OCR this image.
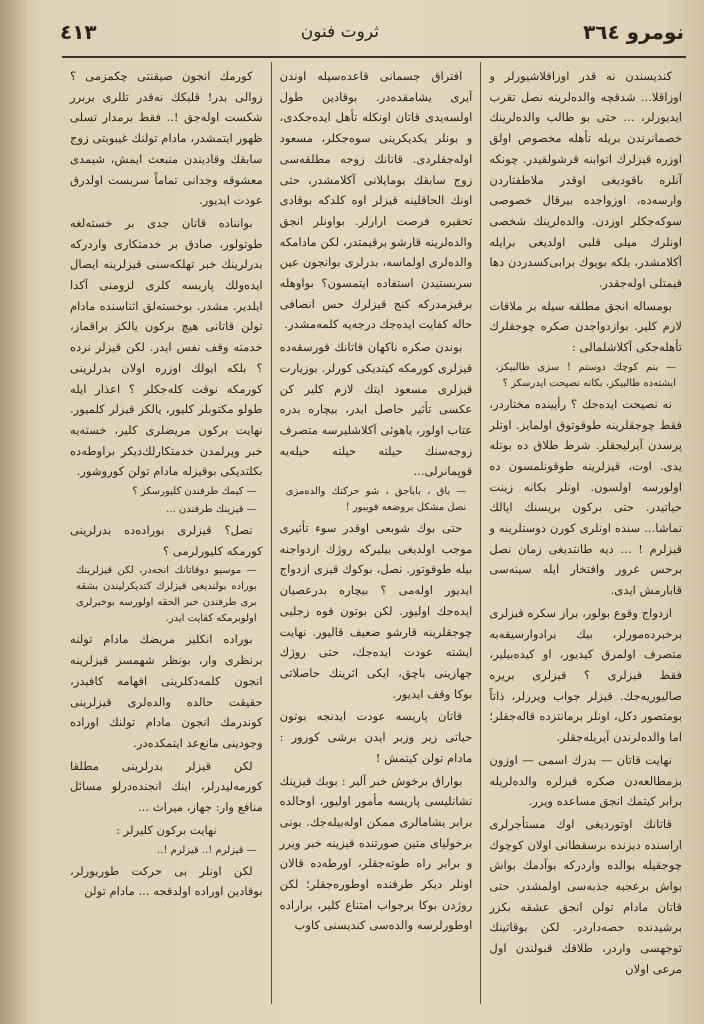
نومرو ٣٦٤
ثروت فنون
٤١٣

كنديسندن نه قدر اوزاقلاشيورلر و اوزاقلا... شدقچه والده‌لرینه نصل تقرب ایدیورلر، ... حتی بو طالب والده‌لرینك خصمانرندن بریله تأهله مخصوص اولق اوزره قیزلرك اتوابنه قرشولقيدر. چونكه آنلره باقودیغی اوقدر ملاطفتاردن وارسه‌ده، اوزواجده بیرقال خصوصی سوکه‌جکلر اوزدن. والده‌لرینك شخصی اونلرك میلی قلبی اولدیغی برایله آكلامشدر، بلكه بويوك برابی‌كسدردن دها قیمتلی اوله‌جقدر.

بومساله انجق مطلقه سیله بر ملاقات لازم كلیر. بوازدواجدن صكره چوجقلرك تأهله‌جکی آكلاشلمالی :

— بنم كوچك دوستم ! سزی طالبیكز، ایشته‌ده طالبیكز، بكانه نصیحت ایدرسکز ؟

نه نصیحت ایده‌جك ؟ رأیینده مختاردر، فقط چوجقلرینه طوقوتوق اولمایز. اوتلر پرسدن آیرلیجقلر. شرط طلاق ده بوتله یدی. اوت، قیزلرینه طوقونلمسون ده اولورسه اولسون. اونلر بكانه زینت حیاتیدر. حتی بركون بریسنك ایالك تماشا... سنده اونلری كورن دوستلرینه و قیزلرم ! ... دیه طانتدیغی زمان نصل برحس غرور وافتخار ایله سینه‌سی قابارمش ایدی.

ازدواج وقوع بولور، براز سكره قیزلری برخبرده‌مورلر، بیك برادوارسیقه‌به متصرف اولمرق كیدیور، او كیده‌بیلیر، فقط قیزلری ؟ قیزلری بریره صالیوریه‌جك. قیزلر جواب ویررلر، ذاتاً بومتصور دكل، اونلر برمانتزده قاله‌جقلر؛ اما والده‌لرندن آیریله‌جقلر.

نهایت قاتان — بدرك اسمی — اوزون بزمطالعه‌دن صكره قیزلره والده‌لریله برابر كیتمك انجق مساعده ویرر.

قاتانك اوتوردیغی اوك مستأجرلری اراسنده دیزنده برسقطانی اولان كوچوك چوجقیله بوالده واردركه بوآدمك بواش بواش برعجبه جذبه‌سی اولمشدر. حتی قاتان مادام تولن انجق عشقه بكزر برشیدنده حصه‌داردر. لكن بوقاتینك توجهسی واردر، طلاقك قبولندن اول مرعی اولان

افتراق جسمانی قاعده‌سیله اوندن آیری یشامقده‌در. بوقادین طول اولسه‌یدی قاتان اونكله تأهل ایده‌جكدی، و بونلر یكدیكرینی سوه‌جكلر، مسعود اوله‌جقلردی. قاتانك زوجه مطلقه‌سی زوج سابقك بومایلانی آكلامشدر، حتی اونك الحاقلینه قیزلر اوه كلدكه بوقادی تحقیره فرصت ارارلر. بواونلر انجق والده‌لرینه قارشو برقیمتدر، لكن مادامكه والده‌لری اولماسه، بدرلری بوانجون عین سربستیدن استفاده ایتمسون؟ بواوهله برقیزمدركه كنج قیزلرك حس انصافی حاله كفایت ایده‌جك درجه‌یه كلمه‌مشدر.

بوندن صكره ناكهان قاتانك قورسقه‌ده قیزلری كورمكه كیتدیكی كورلر. بوزیارت قیزلری مسعود ایتك لازم كلیر كن عكسی تأثیر حاصل ایدر، بیچاره بدره عتاب اولور، یاهوئی آكلاشلیرسه متصرف زوجه‌سنك حیلته حیلته حیله‌یه قوپمانرلی...

— باق ، باباجق ، شو حركتك والده‌مزی نصل مشكل بروضعه قویبور !

حتی بوك شوبعی اوقدر سوء تأثیری موجب اولدیغی بیلیركه روژك ازدواجنه بیله طوقوتور. نصل، بوكوك قیزی ازدواج ایدیور اوله‌می ؟ بیچاره بدرعصیان ایده‌جك اولیور. لكن بوتون قوه زجلیی چوجقلرینه قارشو ضعیف قالیور. نهایت ایشته عودت ایده‌جك، حتی روژك جهازینی باچق، ایكی اثرینك حاصلاتی بوكا وقف ایدیور.

قاتان پاریسه عودت ایدنجه بوتون حیاتی زیر وزبر ایدن برشی كورور : مادام تولن كیتمش !

بواراق برخوش خبر آلیر : بوبك قیزینك نشانلیسی پاریسه مأمور اولیور، اوحالده برابر یشامالری ممكن اوله‌بیله‌جك. بونی برخولیای متین صورتنده قیزینه خبر ویرر و برابر راه طوته‌جقلر، اورطه‌ده قالان اونلر دیكر طرفنده اوطوره‌جقلر؛ لكن روژدن بوكا برجواب امتناع كلیر، براراده اوطورلرسه والده‌سی كندیسنی كاوب

كورمك انجون صیقنتی چكمزمی ؟ زوالی بدر! قلبكك نه‌قدر تللری بربرر شكست اوله‌جق !.. فقط برمدار تسلی ظهور ایتمشدر، مادام تولنك غیبوبتی زوج سابقك وقادیندن منبعث ایمش، شیمدی معشوقه وجدانی تماماً سربست اولدرق عودت ایدیور.

بوانناده قاتان جدی بر خسته‌لغه طوتولور، صادق بر خدمتكاری واردركه بدرلرینك خبر تهلكه‌سنی قیزلرینه ایصال ایده‌ولك پاریسه كلری لزومنی آكدا ایلدیر. مشدر. بوخسته‌لق اثناسنده مادام تولن قاتانی هیچ بركون یالكز براقماز، خدمته وقف نفس ایدر. لكن قیزلر نرده ؟ بلكه ایولك اوزره اولان بدرلرینی كورمكه نوقت كله‌جكلر ؟ اعذار ایله طولو مكتوبلر كلیور، یالكز قیزلر كلمیور. نهایت بركون مریضلری كلیر، خسته‌یه خبر ویرلمدن خدمتكارلك‌دیكر براوطه‌ده بكلتدیكی بوقیزله مادام تولن كوروشور.

— كیمك طرفندن كلیورسكز ؟

— قیزینك طرفندن ...

نصل؟ قیزلری بوراده‌ده بدرلرینی كورمكه كلیورلرمی ؟

— موسیو دوقاتانك انجه‌در، لكن قیزلرینك بوراده بولندیغی قیزلرك كتدیكرلیندن بشقه بری طرفندن خبر الحقه اولورسه بوخبرلری اولوبرمكه كفایت ایدر.

بوراده انكلیز مریضك مادام تولنه برنظری وار، بونظر شهمسز قیزلرینه انجون كلمه‌دكلرینی افهامه كافیدر، حقیقت حالده والده‌لری قیزلرینی كوندرمك انجون مادام تولنك اوراده وجودینی مانع‌عد ایتمكده‌در.

لكن قیزلر بدرلرینی مطلقا كورمه‌لیدرلر، اینك انجنده‌درلو مسائل منافع وار: جهاز، میراث ...

نهایت بركون كلیرلر :

— قیزلرم !.. قیزلرم !..

لكن اونلر بی حركت طوریورلر، بوقادین اوراده اولدقجه ... مادام تولن
